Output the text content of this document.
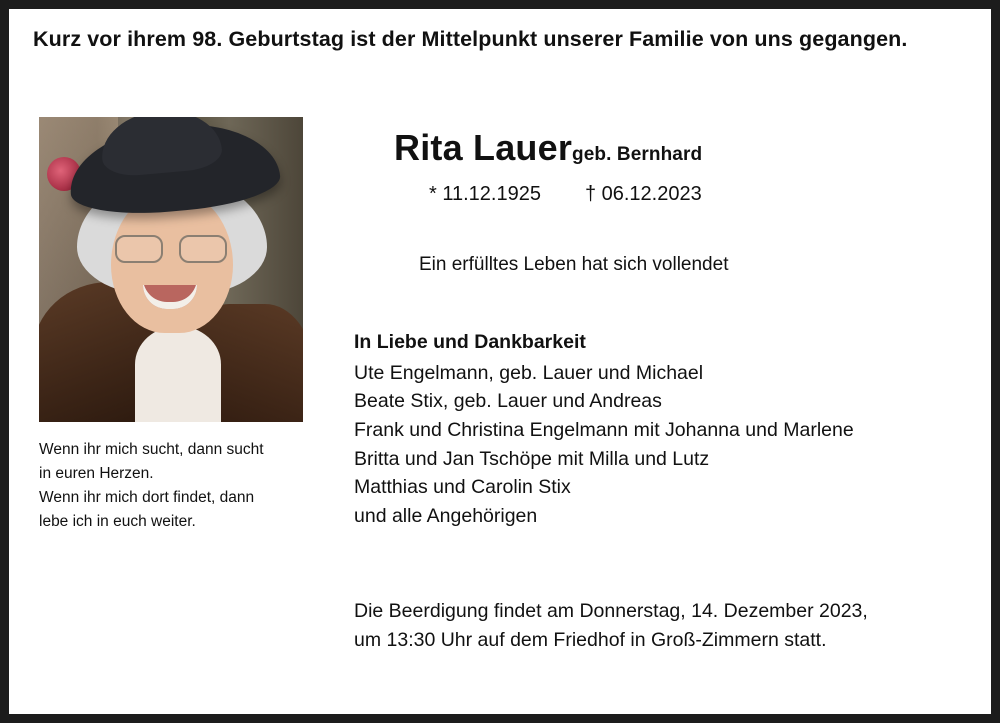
Kurz vor ihrem 98. Geburtstag ist der Mittelpunkt unserer Familie von uns gegangen.
Wenn ihr mich sucht, dann sucht
in euren Herzen.
Wenn ihr mich dort findet, dann
lebe ich in euch weiter.
Rita Lauergeb. Bernhard
* 11.12.1925 † 06.12.2023
Ein erfülltes Leben hat sich vollendet
In Liebe und Dankbarkeit
Ute Engelmann, geb. Lauer und Michael
Beate Stix, geb. Lauer und Andreas
Frank und Christina Engelmann mit Johanna und Marlene
Britta und Jan Tschöpe mit Milla und Lutz
Matthias und Carolin Stix
und alle Angehörigen
Die Beerdigung findet am Donnerstag, 14. Dezember 2023,
um 13:30 Uhr auf dem Friedhof in Groß-Zimmern statt.
